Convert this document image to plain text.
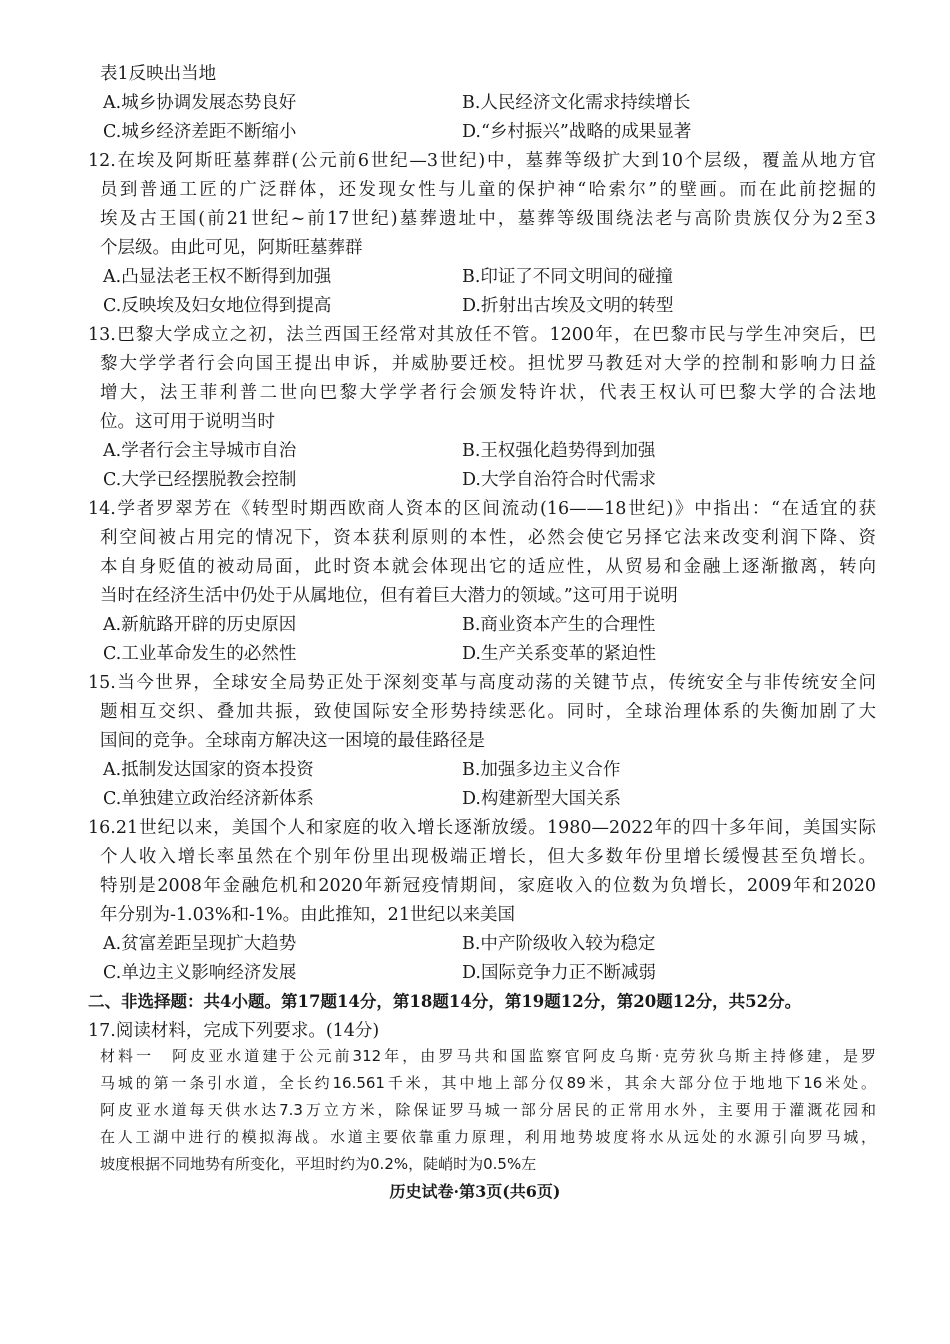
表1反映出当地
A.城乡协调发展态势良好	B.人民经济文化需求持续增长
C.城乡经济差距不断缩小	D.“乡村振兴”战略的成果显著
12.在埃及阿斯旺墓葬群(公元前6世纪—3世纪)中，墓葬等级扩大到10个层级，覆盖从地方官
员到普通工匠的广泛群体，还发现女性与儿童的保护神“哈索尔”的壁画。而在此前挖掘的
埃及古王国(前21世纪~前17世纪)墓葬遗址中，墓葬等级围绕法老与高阶贵族仅分为2至3
个层级。由此可见，阿斯旺墓葬群
A.凸显法老王权不断得到加强	B.印证了不同文明间的碰撞
C.反映埃及妇女地位得到提高	D.折射出古埃及文明的转型
13.巴黎大学成立之初，法兰西国王经常对其放任不管。1200年，在巴黎市民与学生冲突后，巴
黎大学学者行会向国王提出申诉，并威胁要迁校。担忧罗马教廷对大学的控制和影响力日益
增大，法王菲利普二世向巴黎大学学者行会颁发特许状，代表王权认可巴黎大学的合法地
位。这可用于说明当时
A.学者行会主导城市自治	B.王权强化趋势得到加强
C.大学已经摆脱教会控制	D.大学自治符合时代需求
14.学者罗翠芳在《转型时期西欧商人资本的区间流动(16——18世纪)》中指出：“在适宜的获
利空间被占用完的情况下，资本获利原则的本性，必然会使它另择它法来改变利润下降、资
本自身贬值的被动局面，此时资本就会体现出它的适应性，从贸易和金融上逐渐撤离，转向
当时在经济生活中仍处于从属地位，但有着巨大潜力的领域。”这可用于说明
A.新航路开辟的历史原因	B.商业资本产生的合理性
C.工业革命发生的必然性	D.生产关系变革的紧迫性
15.当今世界，全球安全局势正处于深刻变革与高度动荡的关键节点，传统安全与非传统安全问
题相互交织、叠加共振，致使国际安全形势持续恶化。同时，全球治理体系的失衡加剧了大
国间的竞争。全球南方解决这一困境的最佳路径是
A.抵制发达国家的资本投资	B.加强多边主义合作
C.单独建立政治经济新体系	D.构建新型大国关系
16.21世纪以来，美国个人和家庭的收入增长逐渐放缓。1980—2022年的四十多年间，美国实际
个人收入增长率虽然在个别年份里出现极端正增长，但大多数年份里增长缓慢甚至负增长。
特别是2008年金融危机和2020年新冠疫情期间，家庭收入的位数为负增长，2009年和2020
年分别为-1.03%和-1%。由此推知，21世纪以来美国
A.贫富差距呈现扩大趋势	B.中产阶级收入较为稳定
C.单边主义影响经济发展	D.国际竞争力正不断减弱
二、非选择题：共4小题。第17题14分，第18题14分，第19题12分，第20题12分，共52分。
17.阅读材料，完成下列要求。(14分)
材料一　阿皮亚水道建于公元前312年，由罗马共和国监察官阿皮乌斯·克劳狄乌斯主持修建，是罗
马城的第一条引水道，全长约16.561千米，其中地上部分仅89米，其余大部分位于地地下16米处。
阿皮亚水道每天供水达7.3万立方米，除保证罗马城一部分居民的正常用水外，主要用于灌溉花园和
在人工湖中进行的模拟海战。水道主要依靠重力原理，利用地势坡度将水从远处的水源引向罗马城，
坡度根据不同地势有所变化，平坦时约为0.2%，陡峭时为0.5%左
历史试卷·第3页(共6页)
